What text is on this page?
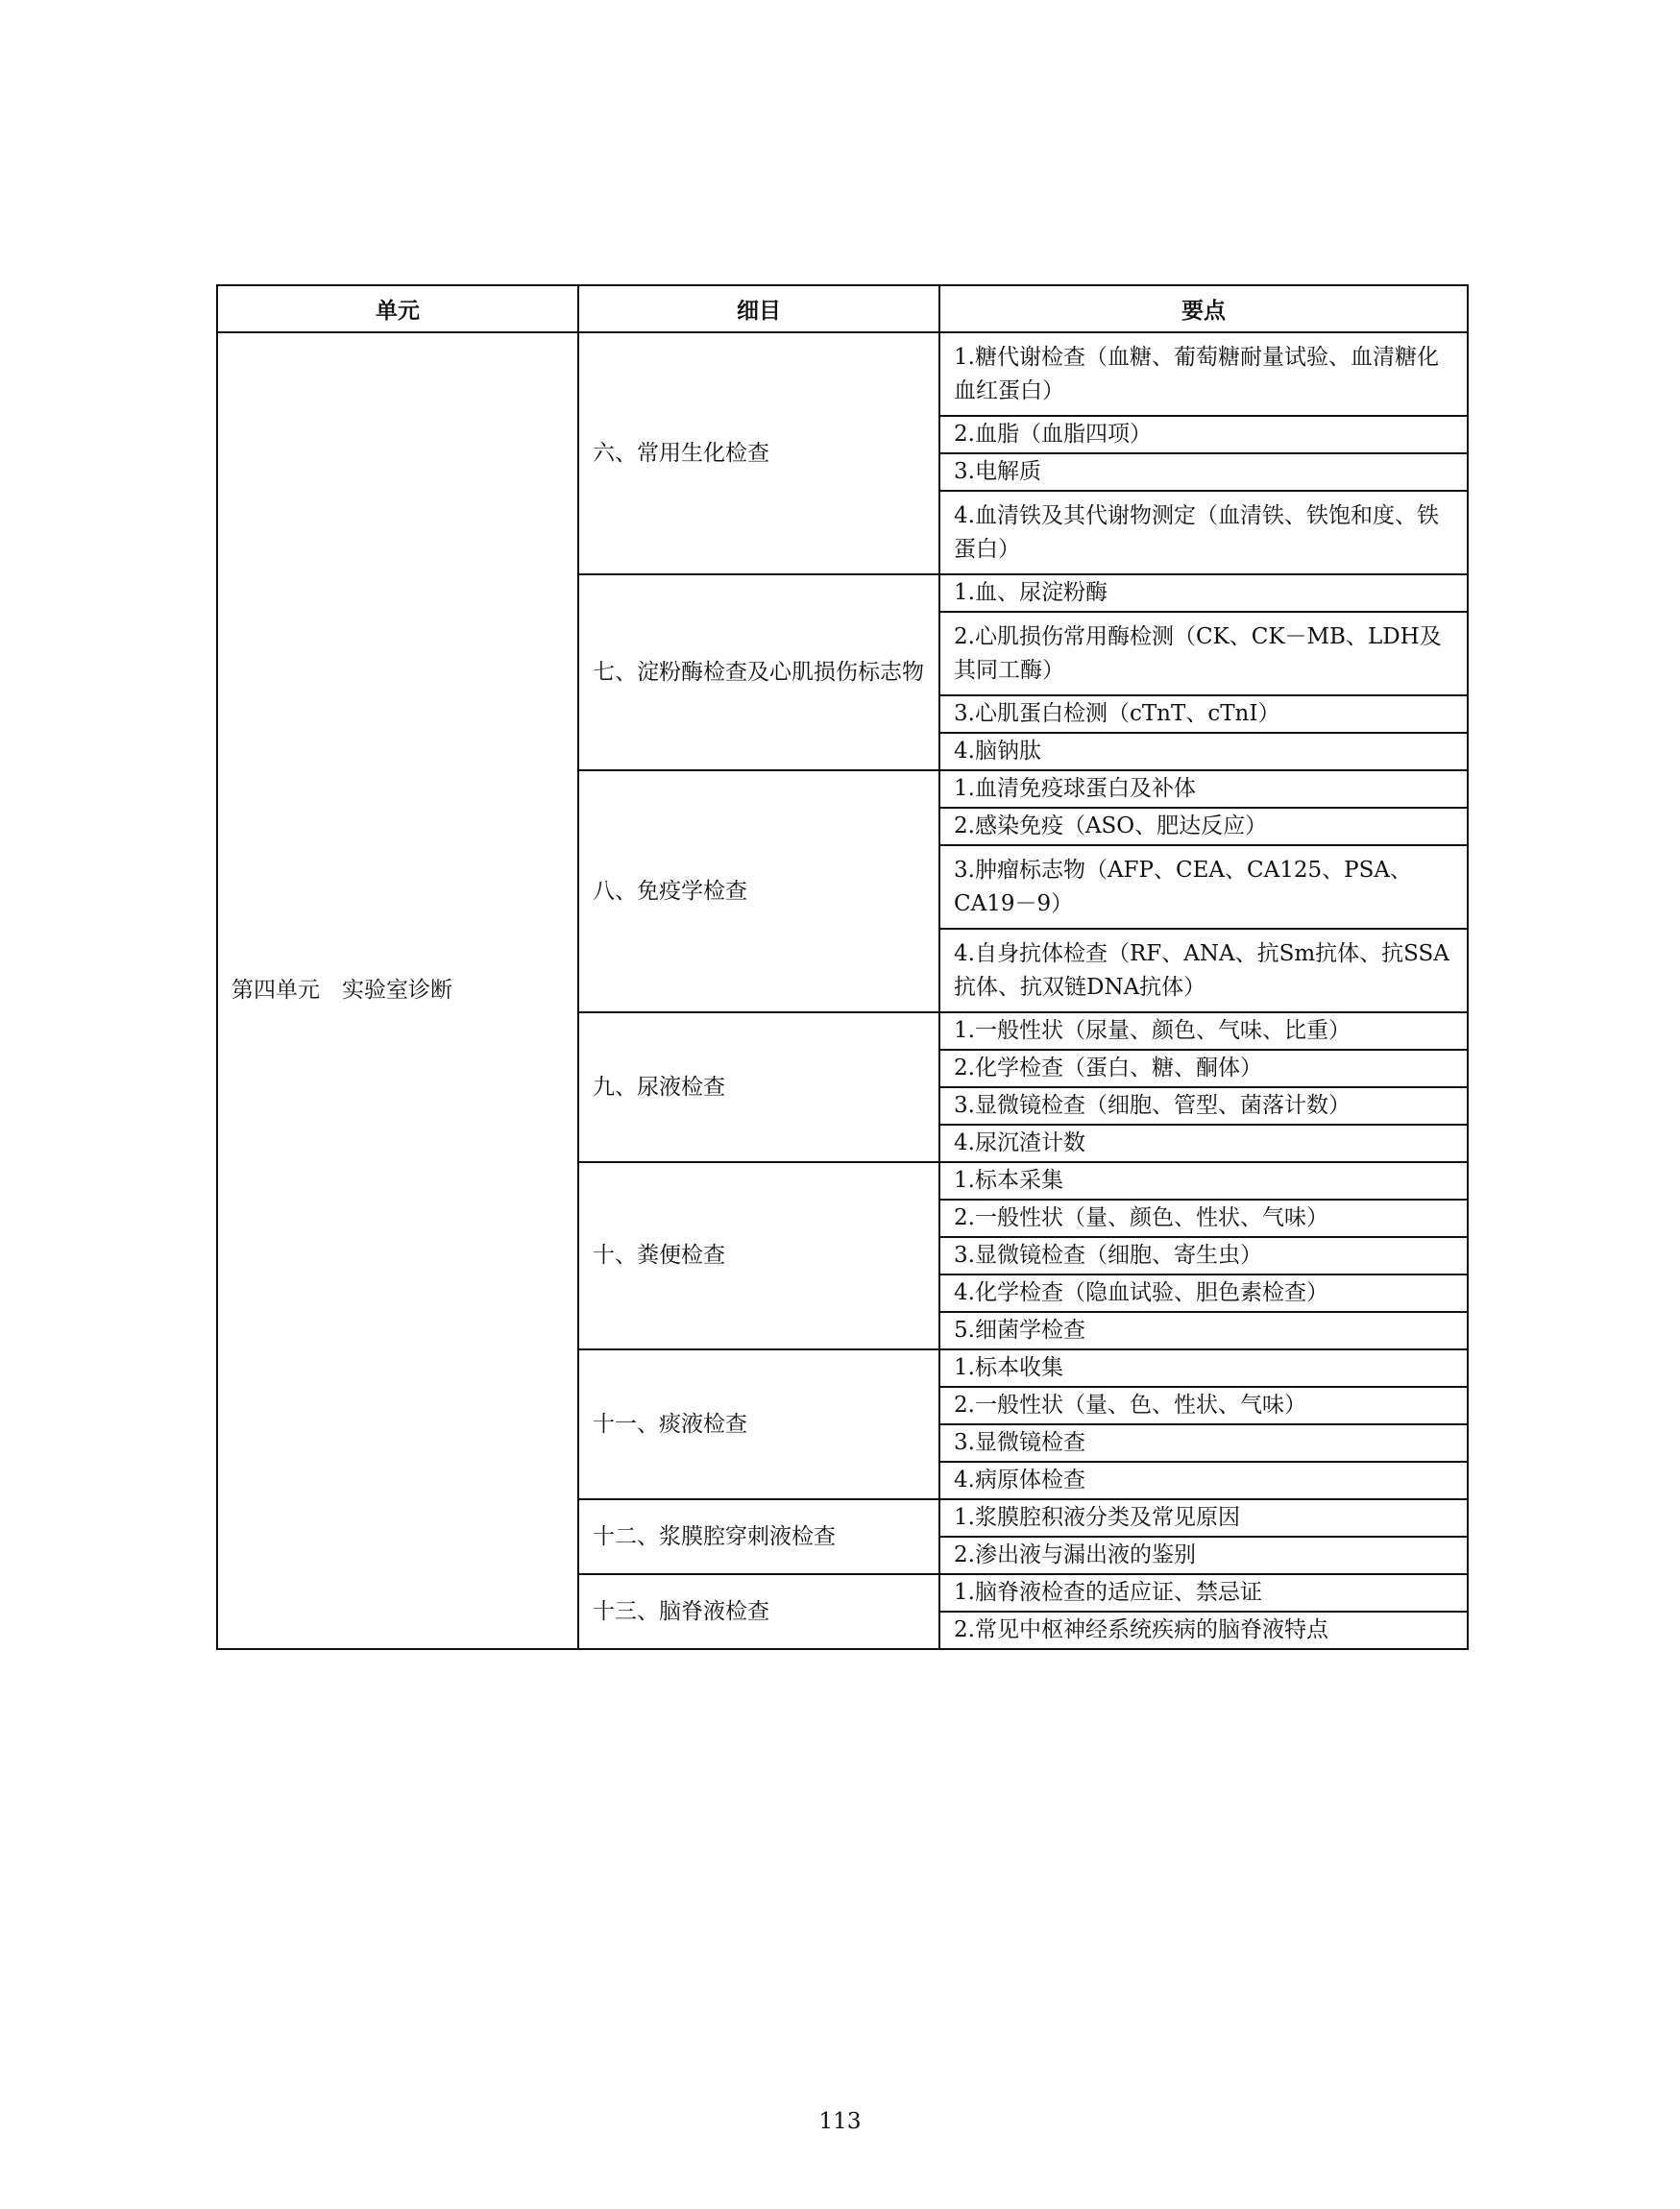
单元	细目	要点
第四单元　实验室诊断	六、常用生化检查	1.糖代谢检查（血糖、葡萄糖耐量试验、血清糖化血红蛋白）
		2.血脂（血脂四项）
		3.电解质
		4.血清铁及其代谢物测定（血清铁、铁饱和度、铁蛋白）
	七、淀粉酶检查及心肌损伤标志物	1.血、尿淀粉酶
		2.心肌损伤常用酶检测（CK、CK－MB、LDH及其同工酶）
		3.心肌蛋白检测（cTnT、cTnI）
		4.脑钠肽
	八、免疫学检查	1.血清免疫球蛋白及补体
		2.感染免疫（ASO、肥达反应）
		3.肿瘤标志物（AFP、CEA、CA125、PSA、CA19－9）
		4.自身抗体检查（RF、ANA、抗Sm抗体、抗SSA抗体、抗双链DNA抗体）
	九、尿液检查	1.一般性状（尿量、颜色、气味、比重）
		2.化学检查（蛋白、糖、酮体）
		3.显微镜检查（细胞、管型、菌落计数）
		4.尿沉渣计数
	十、粪便检查	1.标本采集
		2.一般性状（量、颜色、性状、气味）
		3.显微镜检查（细胞、寄生虫）
		4.化学检查（隐血试验、胆色素检查）
		5.细菌学检查
	十一、痰液检查	1.标本收集
		2.一般性状（量、色、性状、气味）
		3.显微镜检查
		4.病原体检查
	十二、浆膜腔穿刺液检查	1.浆膜腔积液分类及常见原因
		2.渗出液与漏出液的鉴别
	十三、脑脊液检查	1.脑脊液检查的适应证、禁忌证
		2.常见中枢神经系统疾病的脑脊液特点
113
